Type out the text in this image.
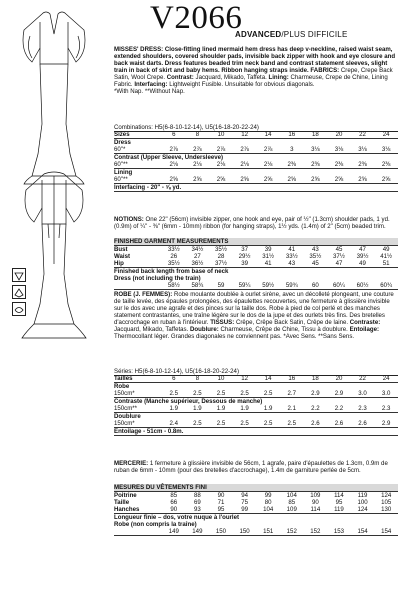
V2066
ADVANCED/PLUS DIFFICILE
MISSES' DRESS: Close-fitting lined mermaid hem dress has deep v-neckline, raised waist seam, extended shoulders, covered shoulder pads, invisible back zipper with hook and eye closure and back waist darts. Dress features beaded trim neck band and contrast statement sleeves, slight train in back of skirt and baby hems. Ribbon hanging straps inside. FABRICS: Crepe, Crepe Back Satin, Wool Crepe. Contrast: Jacquard, Mikado, Taffeta. Lining: Charmeuse, Crepe de Chine, Lining Fabric. Interfacing: Lightweight Fusible. Unsuitable for obvious diagonals.
*With Nap. **Without Nap.
Combinations: H5(6-8-10-12-14), U5(16-18-20-22-24)
Sizes	6	8	10	12	14	16	18	20	22	24
Dress										
60"*	2⅞	2⅞	2⅞	2⅞	2⅞	3	3⅛	3⅛	3⅛	3⅛
Contrast (Upper Sleeve, Undersleeve)										
60"**	2⅛	2⅛	2⅛	2⅛	2⅛	2⅜	2⅜	2⅜	2⅜	2⅜
Lining										
60"**	2⅝	2⅝	2⅝	2⅝	2⅝	2⅝	2⅝	2⅝	2⅝	2⅝
Interfacing - 20" - ⅝ yd.										
NOTIONS: One 22" (56cm) invisible zipper, one hook and eye, pair of ½" (1.3cm) shoulder pads, 1 yd. (0.9m) of ¼" - ⅜" (6mm - 10mm) ribbon (for hanging straps), 1½ yds. (1.4m) of 2" (5cm) beaded trim.
FINISHED GARMENT MEASUREMENTS										
Bust	33½	34½	35½	37	39	41	43	45	47	49
Waist	26	27	28	29½	31½	33½	35½	37½	39½	41½
Hip	35½	36½	37½	39	41	43	45	47	49	51
Finished back length from base of neck										
Dress (not including the train)										
	58½	58¾	59	59¼	59½	59¾	60	60¼	60½	60¾
ROBE (J. FEMMES): Robe moulante doublée à ourlet sirène, avec un décolleté plongeant, une couture de taille levée, des épaules prolongées, des épaulettes recouvertes, une fermeture à glissière invisible sur le dos avec une agrafe et des pinces sur la taille dos. Robe à pied de col perlé et des manches statement contrastantes, une traîne légère sur le dos de la jupe et des ourlets très fins. Des bretelles d'accrochage en ruban à l'intérieur. TISSUS: Crêpe, Crêpe Back Satin, Crêpe de laine. Contraste: Jacquard, Mikado, Taffetas. Doublure: Charmeuse, Crêpe de Chine, Tissu à doublure. Entoilage: Thermocollant léger. Grandes diagonales ne conviennent pas. *Avec Sens. **Sans Sens.
Séries: H5(6-8-10-12-14), U5(16-18-20-22-24)
Tailles	6	8	10	12	14	16	18	20	22	24
Robe										
150cm*	2.5	2.5	2.5	2.5	2.5	2.7	2.9	2.9	3.0	3.0
Contraste (Manche supérieur, Dessous de manche)										
150cm**	1.9	1.9	1.9	1.9	1.9	2.1	2.2	2.2	2.3	2.3
Doublure										
150cm*	2.4	2.5	2.5	2.5	2.5	2.5	2.6	2.6	2.6	2.9
Entoilage - 51cm - 0.8m.										
MERCERIE: 1 fermeture à glissière invisible de 56cm, 1 agrafe, paire d'épaulettes de 1.3cm, 0.9m de ruban de 6mm - 10mm (pour des bretelles d'accrochage), 1.4m de garniture perlée de 5cm.
MESURES DU VÊTEMENTS FINI										
Poitrine	85	88	90	94	99	104	109	114	119	124
Taille	66	69	71	75	80	85	90	95	100	105
Hanches	90	93	95	99	104	109	114	119	124	130
Longueur finie – dos, votre nuque à l'ourlet										
Robe (non compris la traîne)										
	149	149	150	150	151	152	152	153	154	154
